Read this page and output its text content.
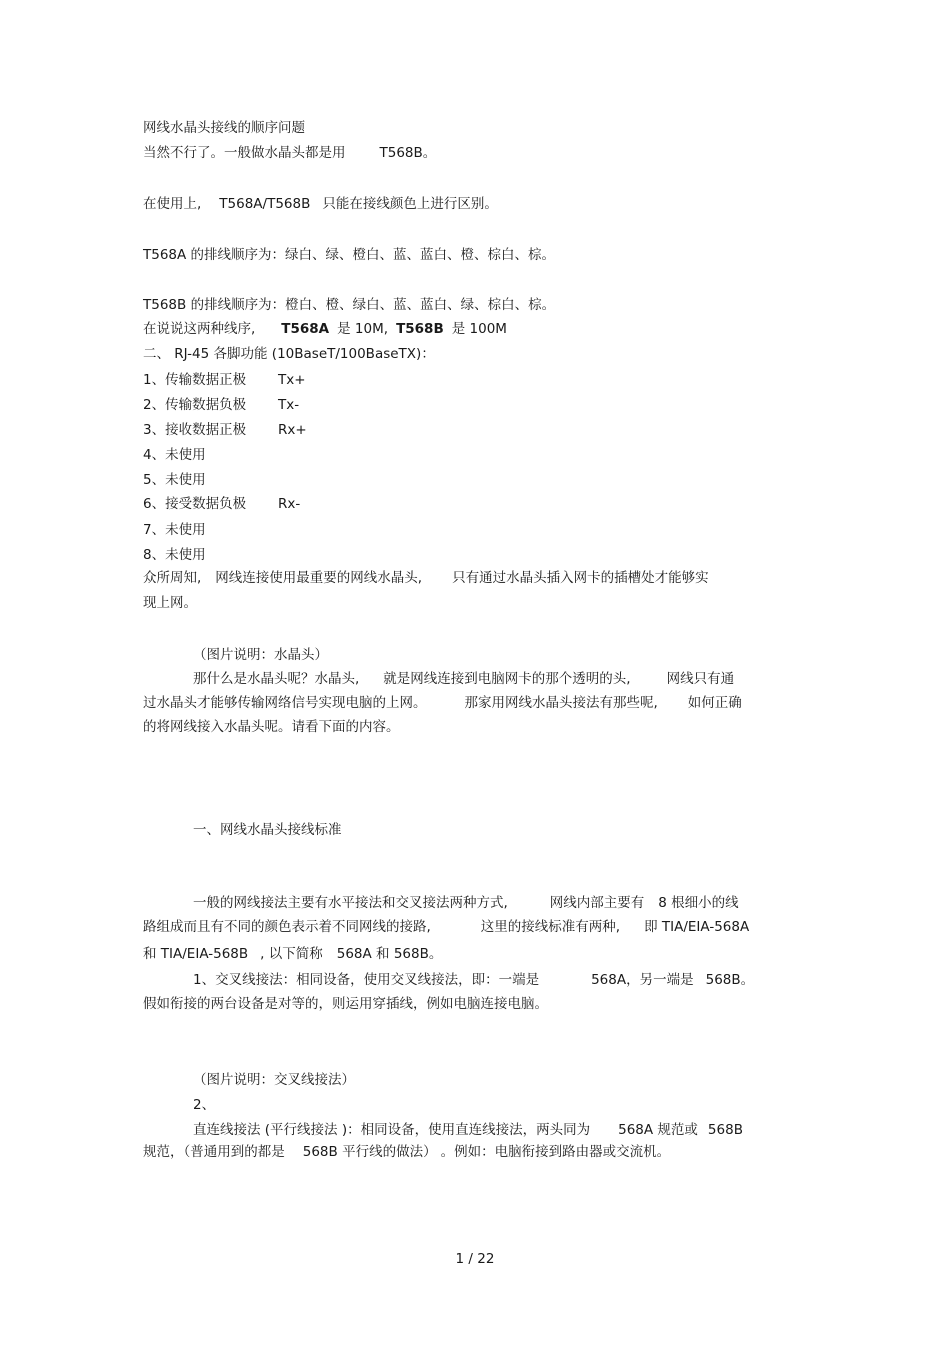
网线水晶头接线的顺序问题
当然不行了。一般做水晶头都是用	T568B。
在使用上, T568A/T568B 只能在接线颜色上进行区别。
T568A 的排线顺序为：绿白、绿、橙白、蓝、蓝白、橙、棕白、棕。
T568B 的排线顺序为：橙白、橙、绿白、蓝、蓝白、绿、棕白、棕。
在说说这两种线序, T568A 是 10M, T568B 是 100M
二、 RJ-45 各脚功能 (10BaseT/100BaseTX)：
1、传输数据正极 Tx+
2、传输数据负极 Tx-
3、接收数据正极 Rx+
4、未使用
5、未使用
6、接受数据负极 Rx-
7、未使用
8、未使用
众所周知, 网线连接使用最重要的网线水晶头, 只有通过水晶头插入网卡的插槽处才能够实
现上网。
（图片说明：水晶头）
那什么是水晶头呢？水晶头, 就是网线连接到电脑网卡的那个透明的头,	网线只有通
过水晶头才能够传输网络信号实现电脑的上网。	那家用网线水晶头接法有那些呢, 如何正确
的将网线接入水晶头呢。请看下面的内容。
一、网线水晶头接线标准
一般的网线接法主要有水平接法和交叉接法两种方式,	网线内部主要有 8 根细小的线
路组成而且有不同的颜色表示着不同网线的接路,	这里的接线标准有两种, 即 TIA/EIA-568A
和 TIA/EIA-568B , 以下简称 568A 和 568B。
1、交叉线接法：相同设备，使用交叉线接法，即：一端是	568A，另一端是 568B。
假如衔接的两台设备是对等的，则运用穿插线，例如电脑连接电脑。
（图片说明：交叉线接法）
2、
直连线接法 (平行线接法 )：相同设备，使用直连线接法，两头同为 568A 规范或 568B
规范，（普通用到的都是 568B 平行线的做法） 。例如：电脑衔接到路由器或交流机。
1 / 22
